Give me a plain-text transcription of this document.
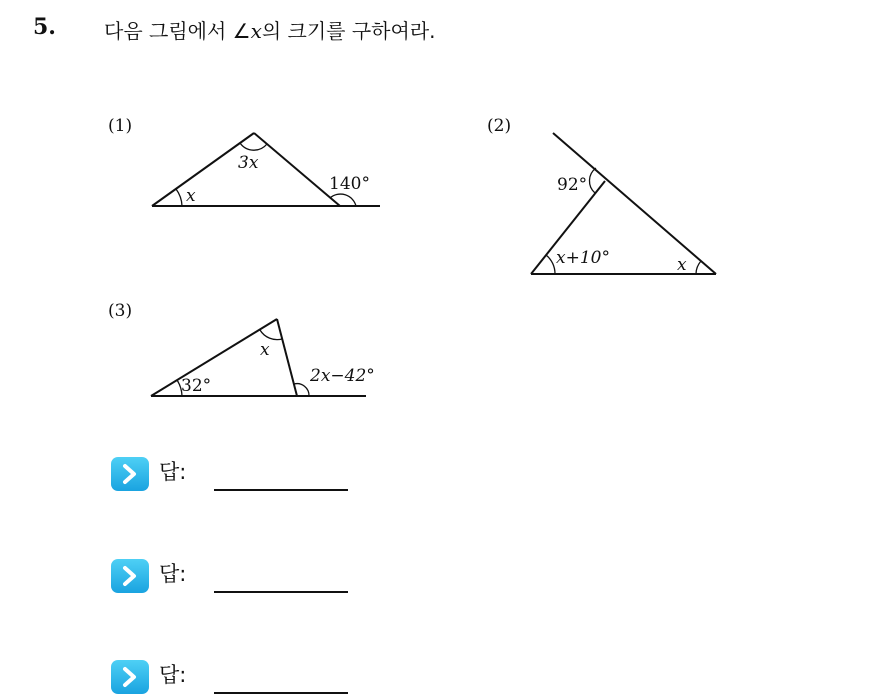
5. 다음 그림에서 ∠x의 크기를 구하여라.
(1)
x
3x
140°
(2)
92°
x+10°	x
(3)
32°
x
2x−42°
답:
답:
답:
